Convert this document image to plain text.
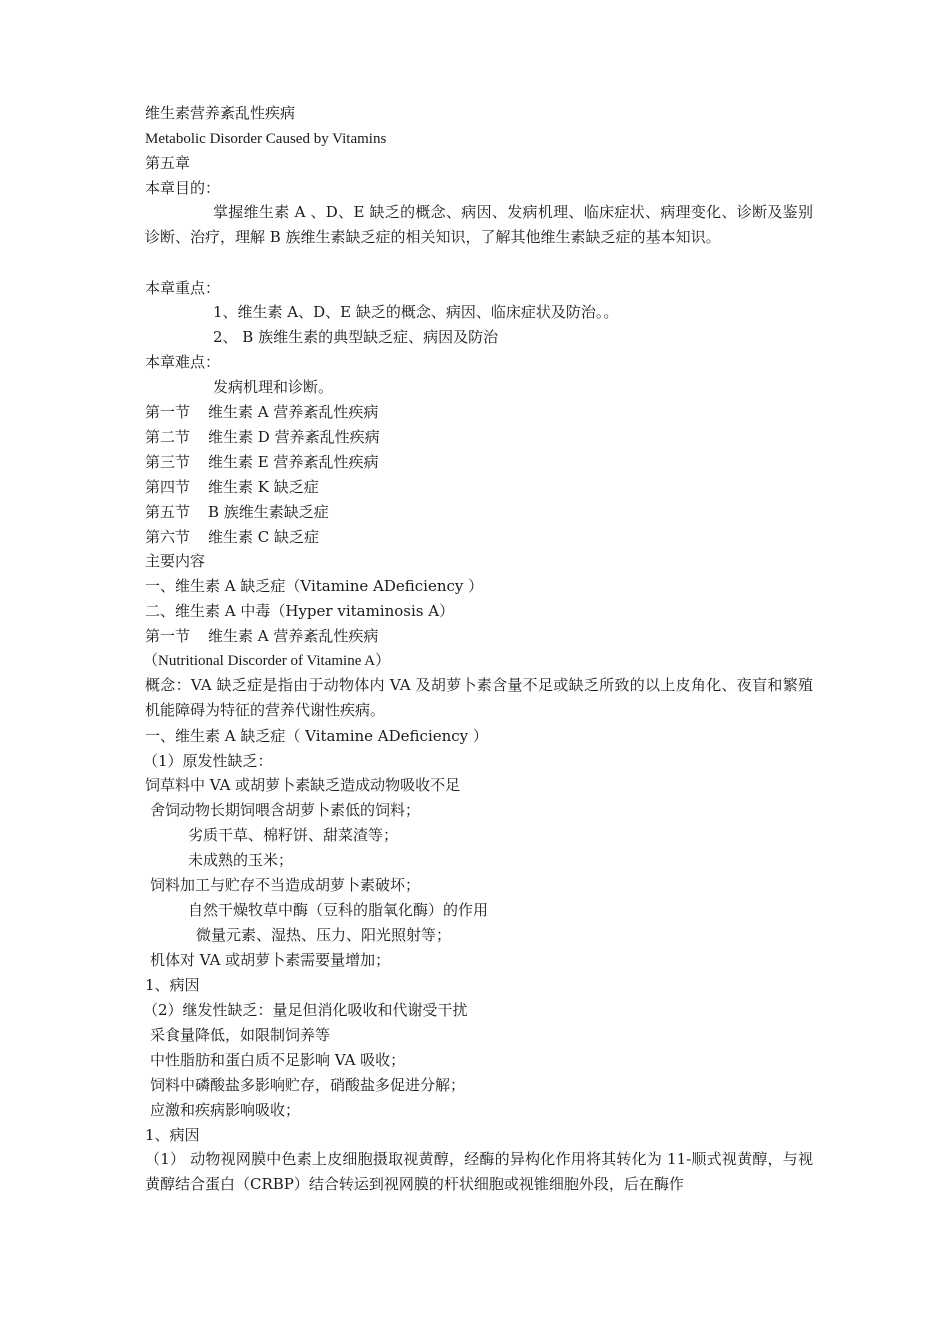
维生素营养紊乱性疾病
Metabolic Disorder Caused by Vitamins
第五章
本章目的：
掌握维生素 A 、D、E 缺乏的概念、病因、发病机理、临床症状、病理变化、诊断及鉴别诊断、治疗，理解 B 族维生素缺乏症的相关知识，了解其他维生素缺乏症的基本知识。
本章重点：
1、维生素 A、D、E 缺乏的概念、病因、临床症状及防治。。
2、 B 族维生素的典型缺乏症、病因及防治
本章难点：
发病机理和诊断。
第一节 维生素 A 营养紊乱性疾病
第二节 维生素 D 营养紊乱性疾病
第三节 维生素 E 营养紊乱性疾病
第四节 维生素 K 缺乏症
第五节 B 族维生素缺乏症
第六节 维生素 C 缺乏症
主要内容
一、维生素 A 缺乏症（Vitamine ADeficiency ）
二、维生素 A 中毒（Hyper vitaminosis A）
第一节 维生素 A 营养紊乱性疾病
（Nutritional Discorder of Vitamine A）
概念：VA 缺乏症是指由于动物体内 VA 及胡萝卜素含量不足或缺乏所致的以上皮角化、夜盲和繁殖机能障碍为特征的营养代谢性疾病。
一、维生素 A 缺乏症（ Vitamine ADeficiency ）
（1）原发性缺乏：
饲草料中 VA 或胡萝卜素缺乏造成动物吸收不足
舍饲动物长期饲喂含胡萝卜素低的饲料；
劣质干草、棉籽饼、甜菜渣等；
未成熟的玉米；
饲料加工与贮存不当造成胡萝卜素破坏；
自然干燥牧草中酶（豆科的脂氧化酶）的作用
微量元素、湿热、压力、阳光照射等；
机体对 VA 或胡萝卜素需要量增加；
1、病因
（2）继发性缺乏：量足但消化吸收和代谢受干扰
采食量降低，如限制饲养等
中性脂肪和蛋白质不足影响 VA 吸收；
饲料中磷酸盐多影响贮存，硝酸盐多促进分解；
应激和疾病影响吸收；
1、病因
（1） 动物视网膜中色素上皮细胞摄取视黄醇，经酶的异构化作用将其转化为 11-顺式视黄醇，与视黄醇结合蛋白（CRBP）结合转运到视网膜的杆状细胞或视锥细胞外段，后在酶作
